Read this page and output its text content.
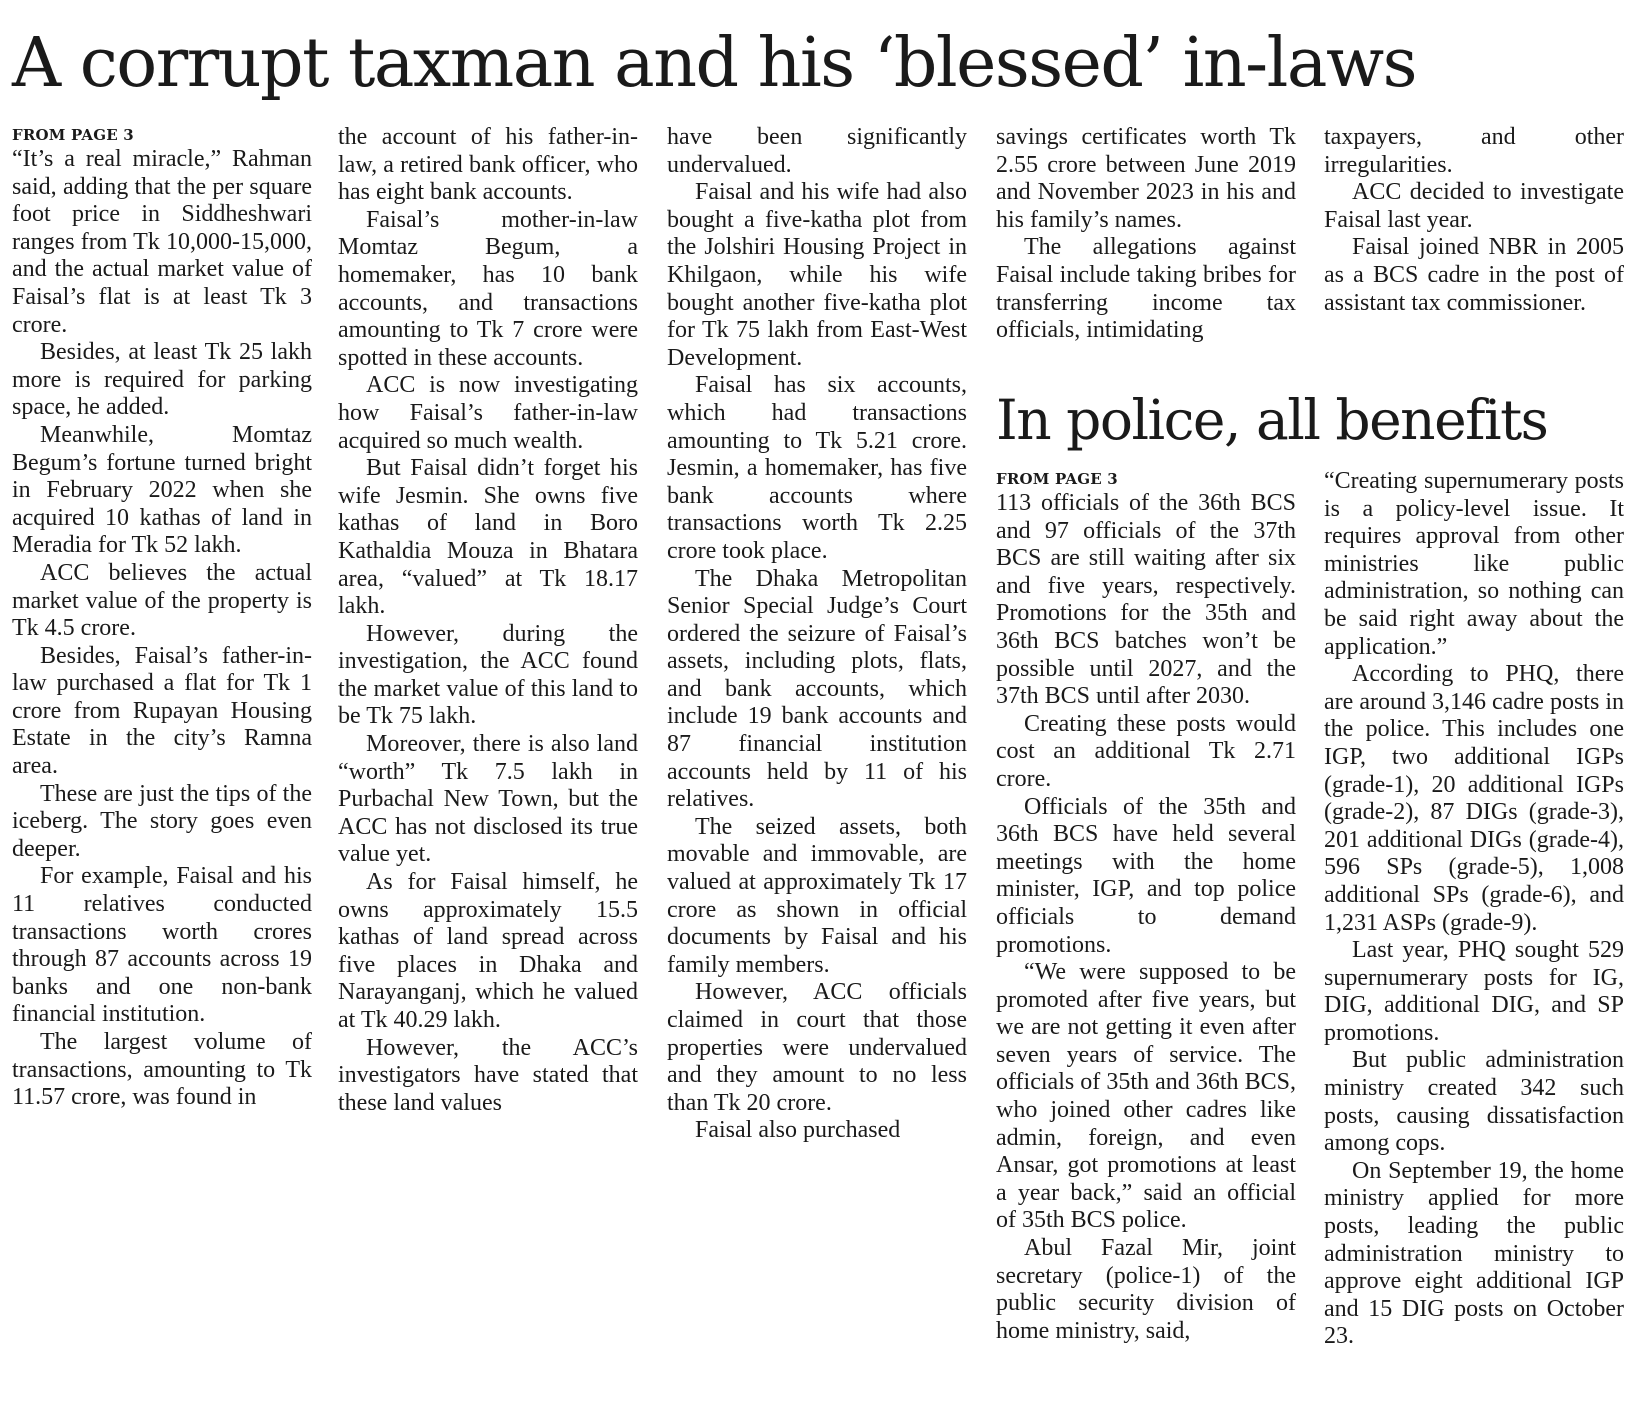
A corrupt taxman and his ‘blessed’ in-laws
FROM PAGE 3

“It’s a real miracle,” Rahman said, adding that the per square foot price in Siddheshwari ranges from Tk 10,000-15,000, and the actual market value of Faisal’s flat is at least Tk 3 crore.

Besides, at least Tk 25 lakh more is required for parking space, he added.

Meanwhile, Momtaz Begum’s fortune turned bright in February 2022 when she acquired 10 kathas of land in Meradia for Tk 52 lakh.

ACC believes the actual market value of the property is Tk 4.5 crore.

Besides, Faisal’s father-in-law purchased a flat for Tk 1 crore from Rupayan Housing Estate in the city’s Ramna area.

These are just the tips of the iceberg. The story goes even deeper.

For example, Faisal and his 11 relatives conducted transactions worth crores through 87 accounts across 19 banks and one non-bank financial institution.

The largest volume of transactions, amounting to Tk 11.57 crore, was found in

the account of his father-in-law, a retired bank officer, who has eight bank accounts.

Faisal’s mother-in-law Momtaz Begum, a homemaker, has 10 bank accounts, and transactions amounting to Tk 7 crore were spotted in these accounts.

ACC is now investigating how Faisal’s father-in-law acquired so much wealth.

But Faisal didn’t forget his wife Jesmin. She owns five kathas of land in Boro Kathaldia Mouza in Bhatara area, “valued” at Tk 18.17 lakh.

However, during the investigation, the ACC found the market value of this land to be Tk 75 lakh.

Moreover, there is also land “worth” Tk 7.5 lakh in Purbachal New Town, but the ACC has not disclosed its true value yet.

As for Faisal himself, he owns approximately 15.5 kathas of land spread across five places in Dhaka and Narayanganj, which he valued at Tk 40.29 lakh.

However, the ACC’s investigators have stated that these land values

have been significantly undervalued.

Faisal and his wife had also bought a five-katha plot from the Jolshiri Housing Project in Khilgaon, while his wife bought another five-katha plot for Tk 75 lakh from East-West Development.

Faisal has six accounts, which had transactions amounting to Tk 5.21 crore. Jesmin, a homemaker, has five bank accounts where transactions worth Tk 2.25 crore took place.

The Dhaka Metropolitan Senior Special Judge’s Court ordered the seizure of Faisal’s assets, including plots, flats, and bank accounts, which include 19 bank accounts and 87 financial institution accounts held by 11 of his relatives.

The seized assets, both movable and immovable, are valued at approximately Tk 17 crore as shown in official documents by Faisal and his family members.

However, ACC officials claimed in court that those properties were undervalued and they amount to no less than Tk 20 crore.

Faisal also purchased

savings certificates worth Tk 2.55 crore between June 2019 and November 2023 in his and his family’s names.

The allegations against Faisal include taking bribes for transferring income tax officials, intimidating

taxpayers, and other irregularities.

ACC decided to investigate Faisal last year.

Faisal joined NBR in 2005 as a BCS cadre in the post of assistant tax commissioner.

In police, all benefits
FROM PAGE 3

113 officials of the 36th BCS and 97 officials of the 37th BCS are still waiting after six and five years, respectively. Promotions for the 35th and 36th BCS batches won’t be possible until 2027, and the 37th BCS until after 2030.

Creating these posts would cost an additional Tk 2.71 crore.

Officials of the 35th and 36th BCS have held several meetings with the home minister, IGP, and top police officials to demand promotions.

“We were supposed to be promoted after five years, but we are not getting it even after seven years of service. The officials of 35th and 36th BCS, who joined other cadres like admin, foreign, and even Ansar, got promotions at least a year back,” said an official of 35th BCS police.

Abul Fazal Mir, joint secretary (police-1) of the public security division of home ministry, said,

“Creating supernumerary posts is a policy-level issue. It requires approval from other ministries like public administration, so nothing can be said right away about the application.”

According to PHQ, there are around 3,146 cadre posts in the police. This includes one IGP, two additional IGPs (grade-1), 20 additional IGPs (grade-2), 87 DIGs (grade-3), 201 additional DIGs (grade-4), 596 SPs (grade-5), 1,008 additional SPs (grade-6), and 1,231 ASPs (grade-9).

Last year, PHQ sought 529 supernumerary posts for IG, DIG, additional DIG, and SP promotions.

But public administration ministry created 342 such posts, causing dissatisfaction among cops.

On September 19, the home ministry applied for more posts, leading the public administration ministry to approve eight additional IGP and 15 DIG posts on October 23.
